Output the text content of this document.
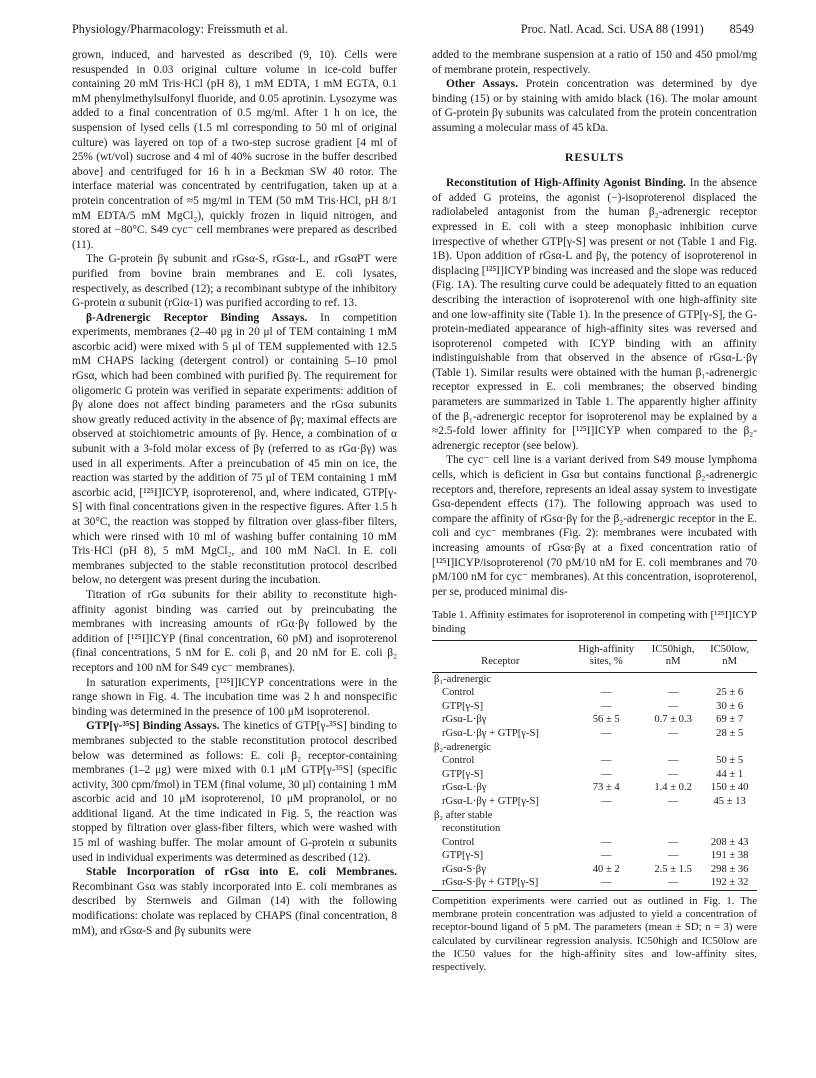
Physiology/Pharmacology: Freissmuth et al.	Proc. Natl. Acad. Sci. USA 88 (1991) 8549

grown, induced, and harvested as described (9, 10). Cells were resuspended in 0.03 original culture volume in ice-cold buffer containing 20 mM Tris·HCl (pH 8), 1 mM EDTA, 1 mM EGTA, 0.1 mM phenylmethylsulfonyl fluoride, and 0.05 aprotinin. Lysozyme was added to a final concentration of 0.5 mg/ml. After 1 h on ice, the suspension of lysed cells (1.5 ml corresponding to 50 ml of original culture) was layered on top of a two-step sucrose gradient [4 ml of 25% (wt/vol) sucrose and 4 ml of 40% sucrose in the buffer described above] and centrifuged for 16 h in a Beckman SW 40 rotor. The interface material was concentrated by centrifugation, taken up at a protein concentration of ≈5 mg/ml in TEM (50 mM Tris·HCl, pH 8/1 mM EDTA/5 mM MgCl₂), quickly frozen in liquid nitrogen, and stored at −80°C. S49 cyc⁻ cell membranes were prepared as described (11).

The G-protein βγ subunit and rGsα-S, rGsα-L, and rGsαPT were purified from bovine brain membranes and E. coli lysates, respectively, as described (12); a recombinant subtype of the inhibitory G-protein α subunit (rGiα-1) was purified according to ref. 13.

β-Adrenergic Receptor Binding Assays. In competition experiments, membranes (2–40 μg in 20 μl of TEM containing 1 mM ascorbic acid) were mixed with 5 μl of TEM supplemented with 12.5 mM CHAPS lacking (detergent control) or containing 5–10 pmol rGsα, which had been combined with purified βγ. The requirement for oligomeric G protein was verified in separate experiments: addition of βγ alone does not affect binding parameters and the rGsα subunits show greatly reduced activity in the absence of βγ; maximal effects are observed at stoichiometric amounts of βγ. Hence, a combination of α subunit with a 3-fold molar excess of βγ (referred to as rGα·βγ) was used in all experiments. After a preincubation of 45 min on ice, the reaction was started by the addition of 75 μl of TEM containing 1 mM ascorbic acid, [¹²⁵I]ICYP, isoproterenol, and, where indicated, GTP[γ-S] with final concentrations given in the respective figures. After 1.5 h at 30°C, the reaction was stopped by filtration over glass-fiber filters, which were rinsed with 10 ml of washing buffer containing 10 mM Tris·HCl (pH 8), 5 mM MgCl₂, and 100 mM NaCl. In E. coli membranes subjected to the stable reconstitution protocol described below, no detergent was present during the incubation.

Titration of rGα subunits for their ability to reconstitute high-affinity agonist binding was carried out by preincubating the membranes with increasing amounts of rGα·βγ followed by the addition of [¹²⁵I]ICYP (final concentration, 60 pM) and isoproterenol (final concentrations, 5 nM for E. coli β₁ and 20 nM for E. coli β₂ receptors and 100 nM for S49 cyc⁻ membranes).

In saturation experiments, [¹²⁵I]ICYP concentrations were in the range shown in Fig. 4. The incubation time was 2 h and nonspecific binding was determined in the presence of 100 μM isoproterenol.

GTP[γ-³⁵S] Binding Assays. The kinetics of GTP[γ-³⁵S] binding to membranes subjected to the stable reconstitution protocol described below was determined as follows: E. coli β₂ receptor-containing membranes (1–2 μg) were mixed with 0.1 μM GTP[γ-³⁵S] (specific activity, 300 cpm/fmol) in TEM (final volume, 30 μl) containing 1 mM ascorbic acid and 10 μM isoproterenol, 10 μM propranolol, or no additional ligand. At the time indicated in Fig. 5, the reaction was stopped by filtration over glass-fiber filters, which were washed with 15 ml of washing buffer. The molar amount of G-protein α subunits used in individual experiments was determined as described (12).

Stable Incorporation of rGsα into E. coli Membranes. Recombinant Gsα was stably incorporated into E. coli membranes as described by Sternweis and Gilman (14) with the following modifications: cholate was replaced by CHAPS (final concentration, 8 mM), and rGsα-S and βγ subunits were

added to the membrane suspension at a ratio of 150 and 450 pmol/mg of membrane protein, respectively.

Other Assays. Protein concentration was determined by dye binding (15) or by staining with amido black (16). The molar amount of G-protein βγ subunits was calculated from the protein concentration assuming a molecular mass of 45 kDa.

RESULTS

Reconstitution of High-Affinity Agonist Binding. In the absence of added G proteins, the agonist (−)-isoproterenol displaced the radiolabeled antagonist from the human β₂-adrenergic receptor expressed in E. coli with a steep monophasic inhibition curve irrespective of whether GTP[γ-S] was present or not (Table 1 and Fig. 1B). Upon addition of rGsα-L and βγ, the potency of isoproterenol in displacing [¹²⁵I]ICYP binding was increased and the slope was reduced (Fig. 1A). The resulting curve could be adequately fitted to an equation describing the interaction of isoproterenol with one high-affinity site and one low-affinity site (Table 1). In the presence of GTP[γ-S], the G-protein-mediated appearance of high-affinity sites was reversed and isoproterenol competed with ICYP binding with an affinity indistinguishable from that observed in the absence of rGsα-L·βγ (Table 1). Similar results were obtained with the human β₁-adrenergic receptor expressed in E. coli membranes; the observed binding parameters are summarized in Table 1. The apparently higher affinity of the β₁-adrenergic receptor for isoproterenol may be explained by a ≈2.5-fold lower affinity for [¹²⁵I]ICYP when compared to the β₂-adrenergic receptor (see below).

The cyc⁻ cell line is a variant derived from S49 mouse lymphoma cells, which is deficient in Gsα but contains functional β₂-adrenergic receptors and, therefore, represents an ideal assay system to investigate Gsα-dependent effects (17). The following approach was used to compare the affinity of rGsα·βγ for the β₂-adrenergic receptor in the E. coli and cyc⁻ membranes (Fig. 2): membranes were incubated with increasing amounts of rGsα·βγ at a fixed concentration ratio of [¹²⁵I]ICYP/isoproterenol (70 pM/10 nM for E. coli membranes and 70 pM/100 nM for cyc⁻ membranes). At this concentration, isoproterenol, per se, produced minimal dis-

Table 1. Affinity estimates for isoproterenol in competing with [¹²⁵I]ICYP binding
Receptor	High-affinity sites, %	IC50high, nM	IC50low, nM
β₁-adrenergic			
Control	—	—	25 ± 6
GTP[γ-S]	—	—	30 ± 6
rGsα-L·βγ	56 ± 5	0.7 ± 0.3	69 ± 7
rGsα-L·βγ + GTP[γ-S]	—	—	28 ± 5
β₂-adrenergic			
Control	—	—	50 ± 5
GTP[γ-S]	—	—	44 ± 1
rGsα-L·βγ	73 ± 4	1.4 ± 0.2	150 ± 40
rGsα-L·βγ + GTP[γ-S]	—	—	45 ± 13
β₂ after stable			
reconstitution			
Control	—	—	208 ± 43
GTP[γ-S]	—	—	191 ± 38
rGsα-S·βγ	40 ± 2	2.5 ± 1.5	298 ± 36
rGsα-S·βγ + GTP[γ-S]	—	—	192 ± 32
Competition experiments were carried out as outlined in Fig. 1. The membrane protein concentration was adjusted to yield a concentration of receptor-bound ligand of 5 pM. The parameters (mean ± SD; n = 3) were calculated by curvilinear regression analysis. IC50high and IC50low are the IC50 values for the high-affinity sites and low-affinity sites, respectively.
